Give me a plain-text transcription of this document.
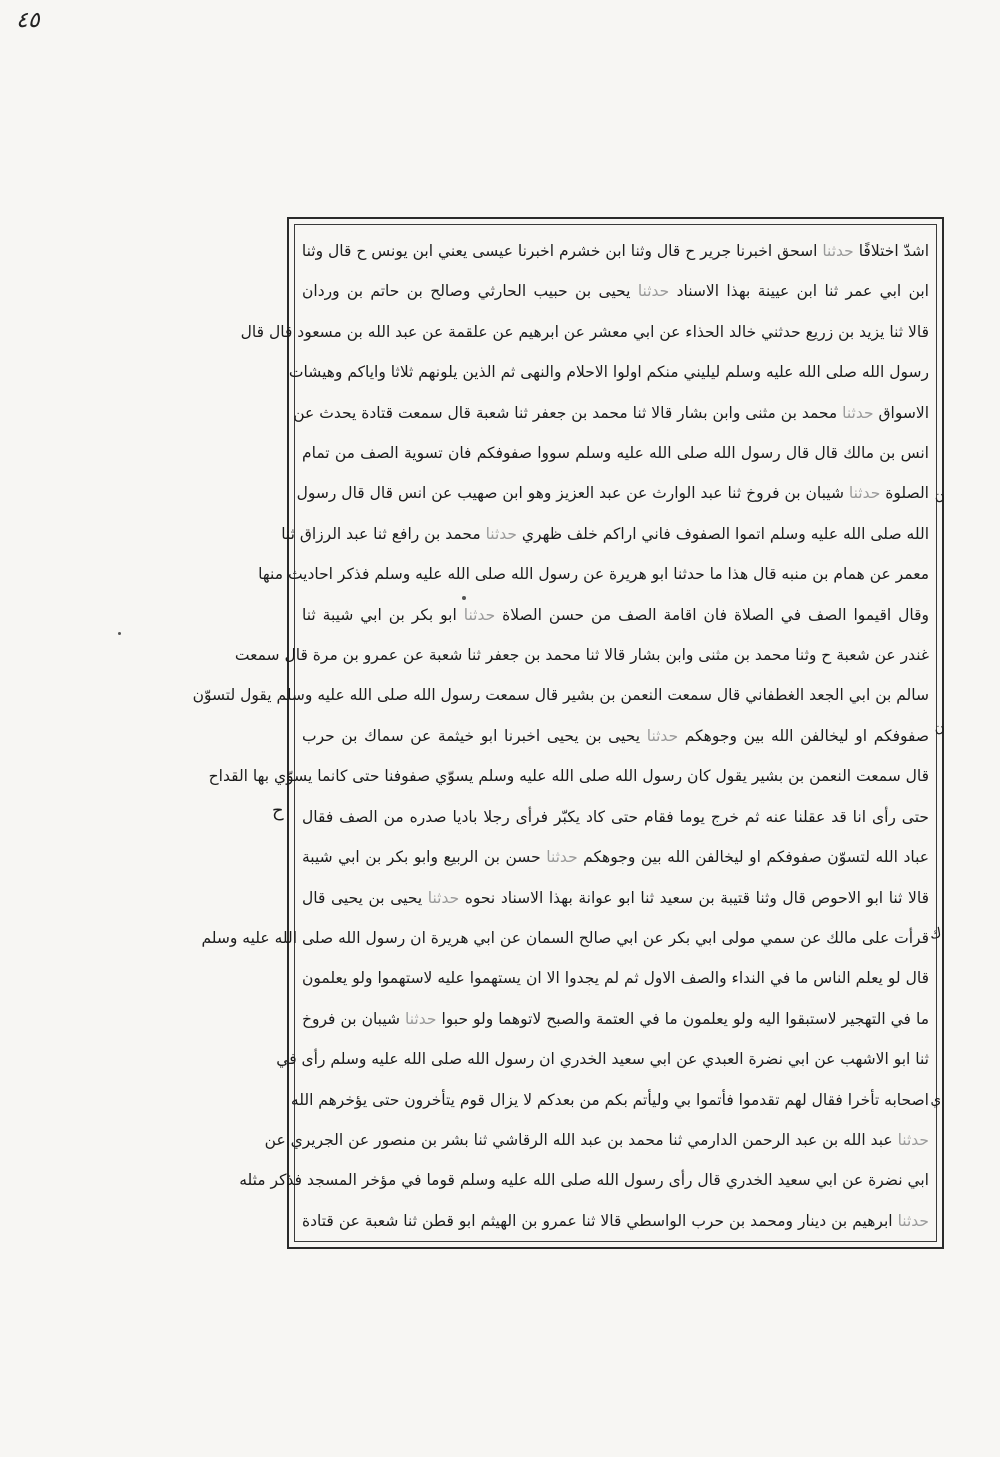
٤٥
اشدّ اختلافًا حدثنا اسحق اخبرنا جرير ح قال وثنا ابن خشرم اخبرنا عيسى يعني ابن يونس ح قال وثنا
ابن ابي عمر ثنا ابن عيينة بهذا الاسناد حدثنا يحيى بن حبيب الحارثي وصالح بن حاتم بن وردان
قالا ثنا يزيد بن زريع حدثني خالد الحذاء عن ابي معشر عن ابرهيم عن علقمة عن عبد الله بن مسعود قال قال
رسول الله صلى الله عليه وسلم ليليني منكم اولوا الاحلام والنهى ثم الذين يلونهم ثلاثا واياكم وهيشات
الاسواق حدثنا محمد بن مثنى وابن بشار قالا ثنا محمد بن جعفر ثنا شعبة قال سمعت قتادة يحدث عن
انس بن مالك قال قال رسول الله صلى الله عليه وسلم سووا صفوفكم فان تسوية الصف من تمام
الصلوة حدثنا شيبان بن فروخ ثنا عبد الوارث عن عبد العزيز وهو ابن صهيب عن انس قال قال رسول
الله صلى الله عليه وسلم اتموا الصفوف فاني اراكم خلف ظهري حدثنا محمد بن رافع ثنا عبد الرزاق ثنا
معمر عن همام بن منبه قال هذا ما حدثنا ابو هريرة عن رسول الله صلى الله عليه وسلم فذكر احاديث منها
وقال اقيموا الصف في الصلاة فان اقامة الصف من حسن الصلاة حدثنا ابو بكر بن ابي شيبة ثنا
غندر عن شعبة ح وثنا محمد بن مثنى وابن بشار قالا ثنا محمد بن جعفر ثنا شعبة عن عمرو بن مرة قال سمعت
سالم بن ابي الجعد الغطفاني قال سمعت النعمن بن بشير قال سمعت رسول الله صلى الله عليه وسلم يقول لتسوّن
صفوفكم او ليخالفن الله بين وجوهكم حدثنا يحيى بن يحيى اخبرنا ابو خيثمة عن سماك بن حرب
قال سمعت النعمن بن بشير يقول كان رسول الله صلى الله عليه وسلم يسوّي صفوفنا حتى كانما يسوّي بها القداح
حتى رأى انا قد عقلنا عنه ثم خرج يوما فقام حتى كاد يكبّر فرأى رجلا باديا صدره من الصف فقال
عباد الله لتسوّن صفوفكم او ليخالفن الله بين وجوهكم حدثنا حسن بن الربيع وابو بكر بن ابي شيبة
قالا ثنا ابو الاحوص قال وثنا قتيبة بن سعيد ثنا ابو عوانة بهذا الاسناد نحوه حدثنا يحيى بن يحيى قال
قرأت على مالك عن سمي مولى ابي بكر عن ابي صالح السمان عن ابي هريرة ان رسول الله صلى الله عليه وسلم
قال لو يعلم الناس ما في النداء والصف الاول ثم لم يجدوا الا ان يستهموا عليه لاستهموا ولو يعلمون
ما في التهجير لاستبقوا اليه ولو يعلمون ما في العتمة والصبح لاتوهما ولو حبوا حدثنا شيبان بن فروخ
ثنا ابو الاشهب عن ابي نضرة العبدي عن ابي سعيد الخدري ان رسول الله صلى الله عليه وسلم رأى في
اصحابه تأخرا فقال لهم تقدموا فأتموا بي وليأتم بكم من بعدكم لا يزال قوم يتأخرون حتى يؤخرهم الله
حدثنا عبد الله بن عبد الرحمن الدارمي ثنا محمد بن عبد الله الرقاشي ثنا بشر بن منصور عن الجريري عن
ابي نضرة عن ابي سعيد الخدري قال رأى رسول الله صلى الله عليه وسلم قوما في مؤخر المسجد فذكر مثله
حدثنا ابرهيم بن دينار ومحمد بن حرب الواسطي قالا ثنا عمرو بن الهيثم ابو قطن ثنا شعبة عن قتادة
ح
ن
ن
ك
ي
